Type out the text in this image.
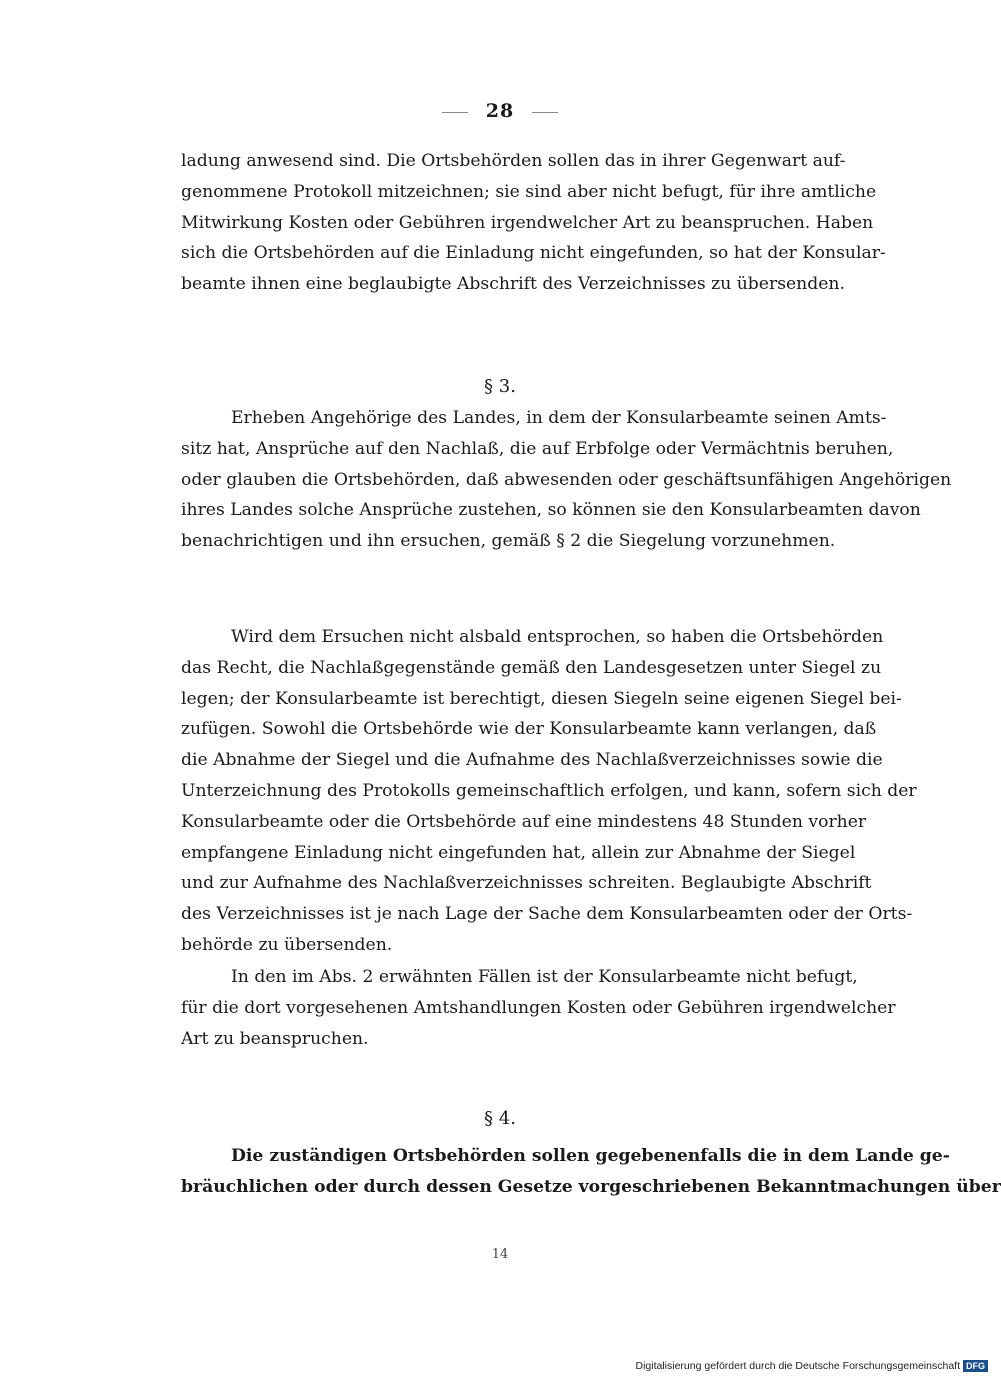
28
ladung anwesend sind. Die Ortsbehörden sollen das in ihrer Gegenwart auf-
genommene Protokoll mitzeichnen; sie sind aber nicht befugt, für ihre amtliche
Mitwirkung Kosten oder Gebühren irgendwelcher Art zu beanspruchen. Haben
sich die Ortsbehörden auf die Einladung nicht eingefunden, so hat der Konsular-
beamte ihnen eine beglaubigte Abschrift des Verzeichnisses zu übersenden.
§ 3.
Erheben Angehörige des Landes, in dem der Konsularbeamte seinen Amts-
sitz hat, Ansprüche auf den Nachlaß, die auf Erbfolge oder Vermächtnis beruhen,
oder glauben die Ortsbehörden, daß abwesenden oder geschäftsunfähigen Angehörigen
ihres Landes solche Ansprüche zustehen, so können sie den Konsularbeamten davon
benachrichtigen und ihn ersuchen, gemäß § 2 die Siegelung vorzunehmen.
Wird dem Ersuchen nicht alsbald entsprochen, so haben die Ortsbehörden
das Recht, die Nachlaßgegenstände gemäß den Landesgesetzen unter Siegel zu
legen; der Konsularbeamte ist berechtigt, diesen Siegeln seine eigenen Siegel bei-
zufügen. Sowohl die Ortsbehörde wie der Konsularbeamte kann verlangen, daß
die Abnahme der Siegel und die Aufnahme des Nachlaßverzeichnisses sowie die
Unterzeichnung des Protokolls gemeinschaftlich erfolgen, und kann, sofern sich der
Konsularbeamte oder die Ortsbehörde auf eine mindestens 48 Stunden vorher
empfangene Einladung nicht eingefunden hat, allein zur Abnahme der Siegel
und zur Aufnahme des Nachlaßverzeichnisses schreiten. Beglaubigte Abschrift
des Verzeichnisses ist je nach Lage der Sache dem Konsularbeamten oder der Orts-
behörde zu übersenden.
In den im Abs. 2 erwähnten Fällen ist der Konsularbeamte nicht befugt,
für die dort vorgesehenen Amtshandlungen Kosten oder Gebühren irgendwelcher
Art zu beanspruchen.
§ 4.
Die zuständigen Ortsbehörden sollen gegebenenfalls die in dem Lande ge-
bräuchlichen oder durch dessen Gesetze vorgeschriebenen Bekanntmachungen über
14
Digitalisierung gefördert durch die Deutsche Forschungsgemeinschaft DFG
